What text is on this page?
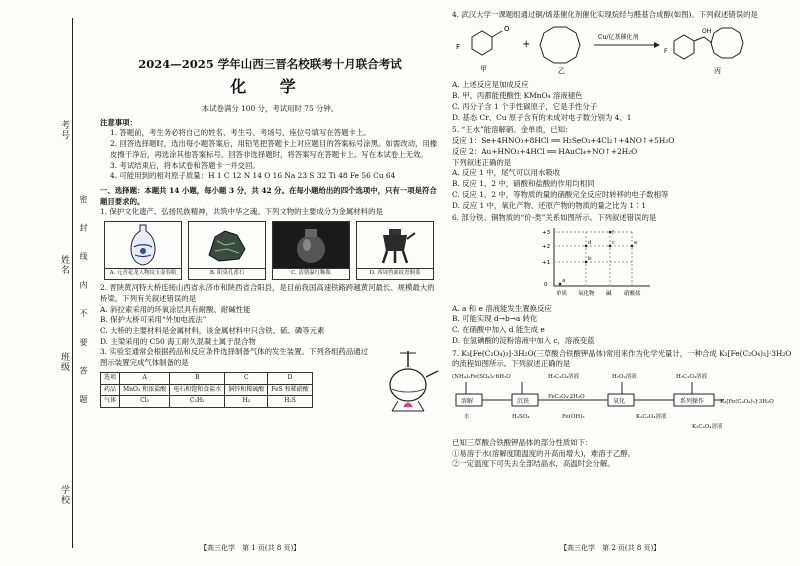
考号
姓名
班级
学校
密 封 线 内 不 要 答 题
2024—2025 学年山西三晋名校联考十月联合考试
化 学
本试卷满分 100 分，考试用时 75 分钟。
注意事项：
1. 答题前，考生务必将自己的姓名、考生号、考场号、座位号填写在答题卡上。
2. 回答选择题时，选出每小题答案后，用铅笔把答题卡上对应题目的答案标号涂黑。如需改动，用橡皮擦干净后，再选涂其他答案标号。回答非选择题时，将答案写在答题卡上。写在本试卷上无效。
3. 考试结束后，将本试卷和答题卡一并交回。
4. 可能用到的相对原子质量：H 1 C 12 N 14 O 16 Na 23 S 32 Ti 48 Fe 56 Cu 64
一、选择题：本题共 14 小题，每小题 3 分，共 42 分。在每小题给出的四个选项中，只有一项是符合题目要求的。
1. 保护文化遗产、弘扬民族精神，共筑中华之魂。下列文物的主要成分为金属材料的是
A. 元青花龙人物纹玉壶春瓶	B. 阳泉孔雀石	C. 清朝温红釉瓶	D. 西周兽面纹青铜盉
2. 晋陕黄河特大桥连接山西省永济市和陕西省合阳县，是目前我国高速铁路跨越黄河最长、规模最大的桥梁。下列有关叙述错误的是
A. 斜拉索采用的环氧涂层具有耐酸、耐碱性能
B. 保护大桥可采用“外加电流法”
C. 大桥的主要材料是金属材料，该金属材料中只含铁、硫、磷等元素
D. 主梁采用的 C50 海工耐久混凝土属于混合物
3. 实验室通常会根据药品和反应条件选择制备气体的发生装置。下列各组药品通过图示装置完成气体制备的是
选项	A	B	C	D
药品	MnO₂ 和浓盐酸	电石和饱和食盐水	铜锌和稀硫酸	FeS 和稀硝酸
气体	Cl₂	C₂H₂	H₂	H₂S
4. 武汉大学一课题组通过铜/烯基催化剂催化实现烷经与醛基合成醇(如图)。下列叙述错误的是
F
O
甲
+
乙
Cu/亿基催化剂
OH
F
丙
A. 上述反应是加成反应
B. 甲、丙都能使酸性 KMnO₄ 溶液褪色
C. 丙分子含 1 个手性碳原子，它是手性分子
D. 基态 Cr、Cu 原子含有的未成对电子数分别为 4、1
5. “王水”能溶解硝、金单质，已知：
反应 1：Se+4HNO₃+8HCl ══ H₂SeO₃+4Cl₂↑+4NO↑+5H₂O
反应 2：Au+HNO₃+4HCl ══ HAuCl₄+NO↑+2H₂O
下列叙述正确的是
A. 反应 1 中，尾气可以用水吸收
B. 反应 1、2 中，硝酸和盐酸的作用均相同
C. 反应 1、2 中，等物质的量的硝酸完全反应时转移的电子数相等
D. 反应 1 中，氧化产物、还原产物的物质的量之比为 1∶1
6. 部分铁、铜物质的“价-类”关系如图所示。下列叙述错误的是
+3
+2
+1
0
单质 氧化物 碱 硝酸盐
a
b
c
d	e
f
A. a 和 e 溶液能发生置换反应
B. 可能实现 d→b→a 转化
C. 在硝酸中加入 d 能生成 e
D. 在氢碘酸的淀粉溶液中加入 c，溶液变蓝
7. K₃[Fe(C₂O₄)₃]·3H₂O(三草酸合铁酸钾晶体)常用来作为化学光量计，一种合成 K₃[Fe(C₂O₄)₃]·3H₂O 的流程如图所示。下列叙述正确的是
(NH₄)₂Fe(SO₄)₂·6H₂O	H₂C₂O₄溶液	H₂O₂溶液	H₂C₂O₄溶液
溶解	沉铁	氧化	系列操作
FeC₂O₄·2H₂O
Fe(OH)₃
K₃[Fe(C₂O₄)₃]·3H₂O
水	H₂SO₄	K₂C₂O₄溶液
K₂C₂O₄溶液
已知三草酸合铁酸钾晶体的部分性质如下：
①易溶于水(溶解度随温度的升高而增大)，难溶于乙醇。
②一定温度下可失去全部结晶水，高温时会分解。
【高三化学　第 1 页(共 8 页)】	【高三化学　第 2 页(共 8 页)】
